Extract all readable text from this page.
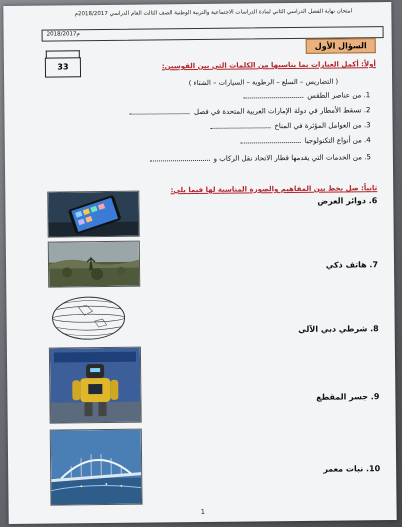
امتحان نهاية الفصل الدراسي الثاني لمادة الدراسات الاجتماعية والتربية الوطنية الصف الثالث العام الدراسي 2018/2017م
2018/2017م
33
السؤال الأول
أولاً: أكمل العبارات بما يناسبها من الكلمات التي بين القوسين:
( التضاريس – السلع – الرطوبة – السيارات – الشتاء )
1. من عناصر الطقس
2. تسقط الأمطار في دولة الإمارات العربية المتحدة في فصل
3. من العوامل المؤثرة في المناخ
4. من أنواع التكنولوجيا
5. من الخدمات التي يقدمها قطار الاتحاد نقل الركاب و
ثانياً: صل بخط بين المفاهيم والصورة المناسبة لها فيما يلي:
6. دوائر العرض
7. هاتف ذكي
8. شرطي دبي الآلي
9. جسر المقطع
10. نبات معمر
1
